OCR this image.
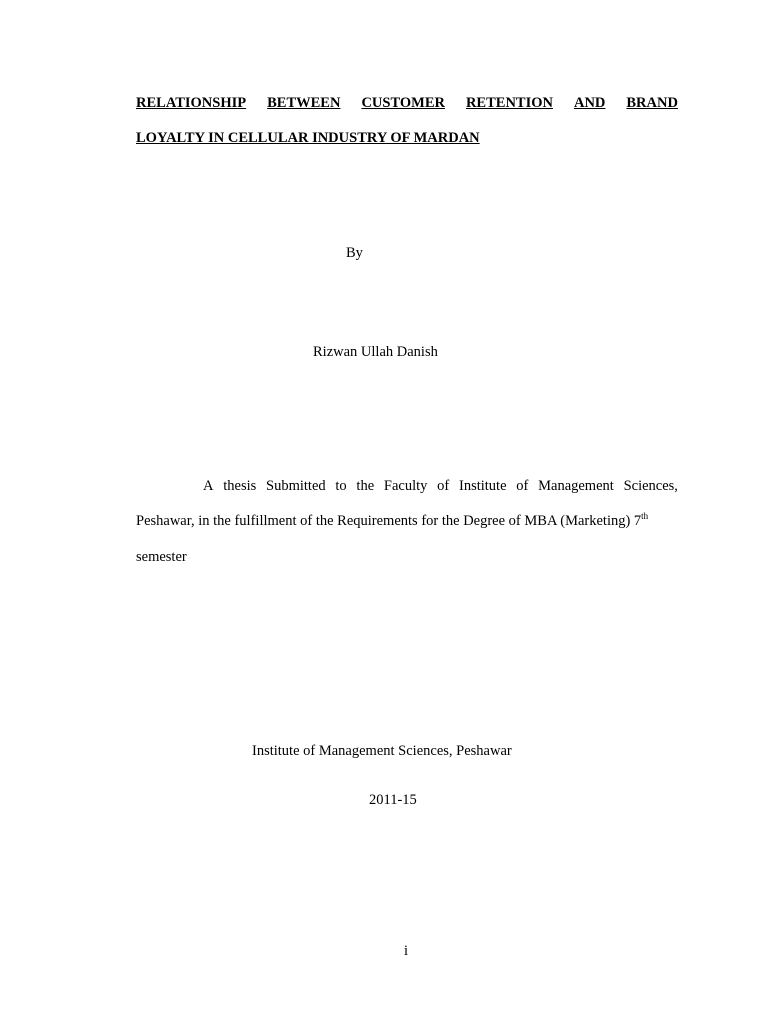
RELATIONSHIP BETWEEN CUSTOMER RETENTION AND BRAND
LOYALTY IN CELLULAR INDUSTRY OF MARDAN
By
Rizwan Ullah Danish
A thesis Submitted to the Faculty of Institute of Management Sciences,
Peshawar, in the fulfillment of the Requirements for the Degree of MBA (Marketing) 7th
semester
Institute of Management Sciences, Peshawar
2011-15
i
